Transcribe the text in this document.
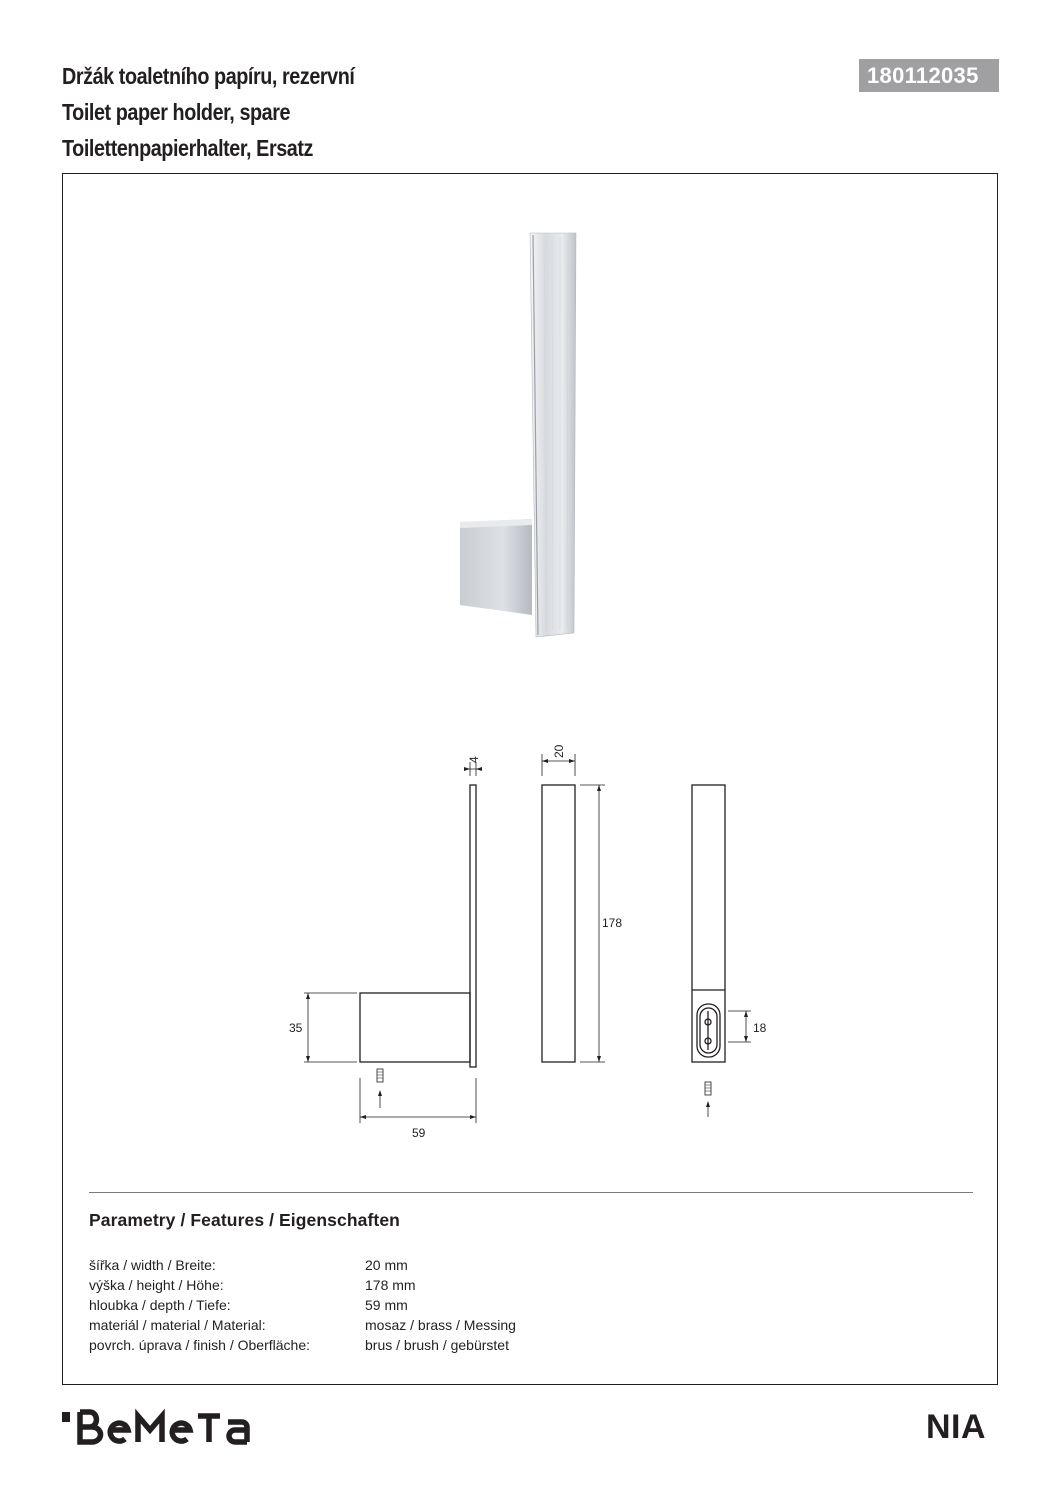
Držák toaletního papíru, rezervní
Toilet paper holder, spare
Toilettenpapierhalter, Ersatz
180112035
4
20
178
35
59
18
Parametry / Features / Eigenschaften
šířka / width / Breite:	20 mm
výška / height / Höhe:	178 mm
hloubka / depth / Tiefe:	59 mm
materiál / material / Material:	mosaz / brass / Messing
povrch. úprava / finish / Oberfläche:	brus / brush / gebürstet
NIA
